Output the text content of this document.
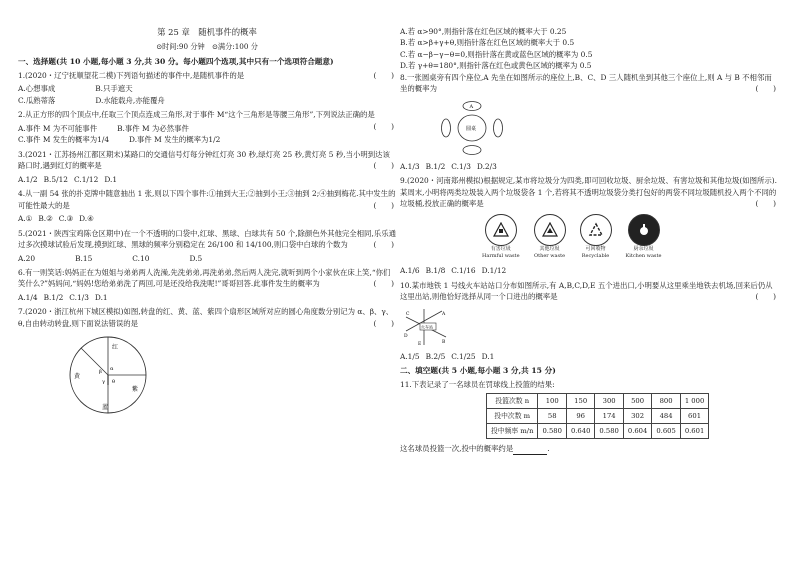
第 25 章　随机事件的概率
⊙时间:90 分钟　⊙满分:100 分
一、选择题(共 10 小题,每小题 3 分,共 30 分。每小题四个选项,其中只有一个选项符合题意)
(　　)
1.(2020・辽宁抚顺望花二模)下列语句描述的事件中,是随机事件的是
A.心想事成	B.只手遮天
C.瓜熟蒂落	D.水能载舟,亦能覆舟
2.从正方形的四个顶点中,任取三个顶点连成三角形,对于事件 M“这个三角形是等腰三角形”,下列说法正确的是
(　　)
A.事件 M 为不可能事件	B.事件 M 为必然事件
C.事件 M 发生的概率为1/4	D.事件 M 发生的概率为1/2
3.(2021・江苏扬州江都区期末)某路口的交通信号灯每分钟红灯亮 30 秒,绿灯亮 25 秒,黄灯亮 5 秒,当小明到达该路口时,遇到红灯的概率是	(　　)
A.1/2 B.5/12 C.1/12 D.1
4.从一副 54 张的扑克牌中随意抽出 1 张,则以下四个事件:①抽到大王;②抽到小王;③抽到 2;④抽到梅花.其中发生的可能性最大的是	(　　)
A.① B.② C.③ D.④
5.(2021・陕西宝鸡陈仓区期中)在一个不透明的口袋中,红球、黑球、白球共有 50 个,除颜色外其他完全相同,乐乐通过多次摸球试验后发现,摸到红球、黑球的频率分别稳定在 26/100 和 14/100,则口袋中白球的个数为	(　　)
A.20	B.15	C.10	D.5
6.有一则笑话:妈妈正在为姐姐与弟弟两人洗澡,先洗弟弟,再洗弟弟,然后两人洗完,就听到两个小家伙在床上笑,“你们笑什么?”妈妈问,“妈妈!您给弟弟洗了两回,可是还没给我洗呢!”哥哥回答.此事件发生的概率为	(　　)
A.1/4 B.1/2 C.1/3 D.1
7.(2020・浙江杭州下城区模拟)如图,转盘的红、黄、蓝、紫四个扇形区域所对应的圆心角度数分别记为 α、β、γ、θ,自由转动转盘,则下面说法错误的是	(　　)
红
黄
紫
蓝
α
β
γ θ
A.若 α>90°,则指针落在红色区域的概率大于 0.25
B.若 α>β+γ+θ,则指针落在红色区域的概率大于 0.5
C.若 α−β−γ−θ=0,则指针落在黄或蓝色区域的概率为 0.5
D.若 γ+θ=180°,则指针落在红色或黄色区域的概率为 0.5
8.一张圆桌旁有四个座位,A 先坐在如图所示的座位上,B、C、D 三人随机坐到其他三个座位上,则 A 与 B 不相邻而坐的概率为	(　　)
A
圆桌
A.1/3 B.1/2 C.1/3 D.2/3
9.(2020・河南郑州模拟)根据规定,某市将垃圾分为四类,即可回收垃圾、厨余垃圾、有害垃圾和其他垃圾(如图所示).某周末,小明将两类垃圾装入两个垃圾袋各 1 个,若将其不透明垃圾袋分类打包好的两袋不同垃圾随机投入两个不同的垃圾桶,投放正确的概率是	(　　)
有害垃圾
Harmful waste
其他垃圾
Other waste
可回收物
Recyclable
厨余垃圾
Kitchen waste
A.1/6 B.1/8 C.1/16 D.1/12
10.某市地铁 1 号线火车站站口分布如图所示,有 A,B,C,D,E 五个进出口,小明要从这里乘坐地铁去机场,回来后仍从这里出站,则他恰好选择从同一个口进出的概率是	(　　)
火车站
C	A
B
D
E
A.1/5 B.2/5 C.1/25 D.1
二、填空题(共 5 小题,每小题 3 分,共 15 分)
11.下表记录了一名球员在罚球线上投篮的结果:
投篮次数 n	100	150	300	500	800	1 000
投中次数 m	58	96	174	302	484	601
投中频率 m/n	0.580	0.640	0.580	0.604	0.605	0.601
这名球员投篮一次,投中的概率约是	.
